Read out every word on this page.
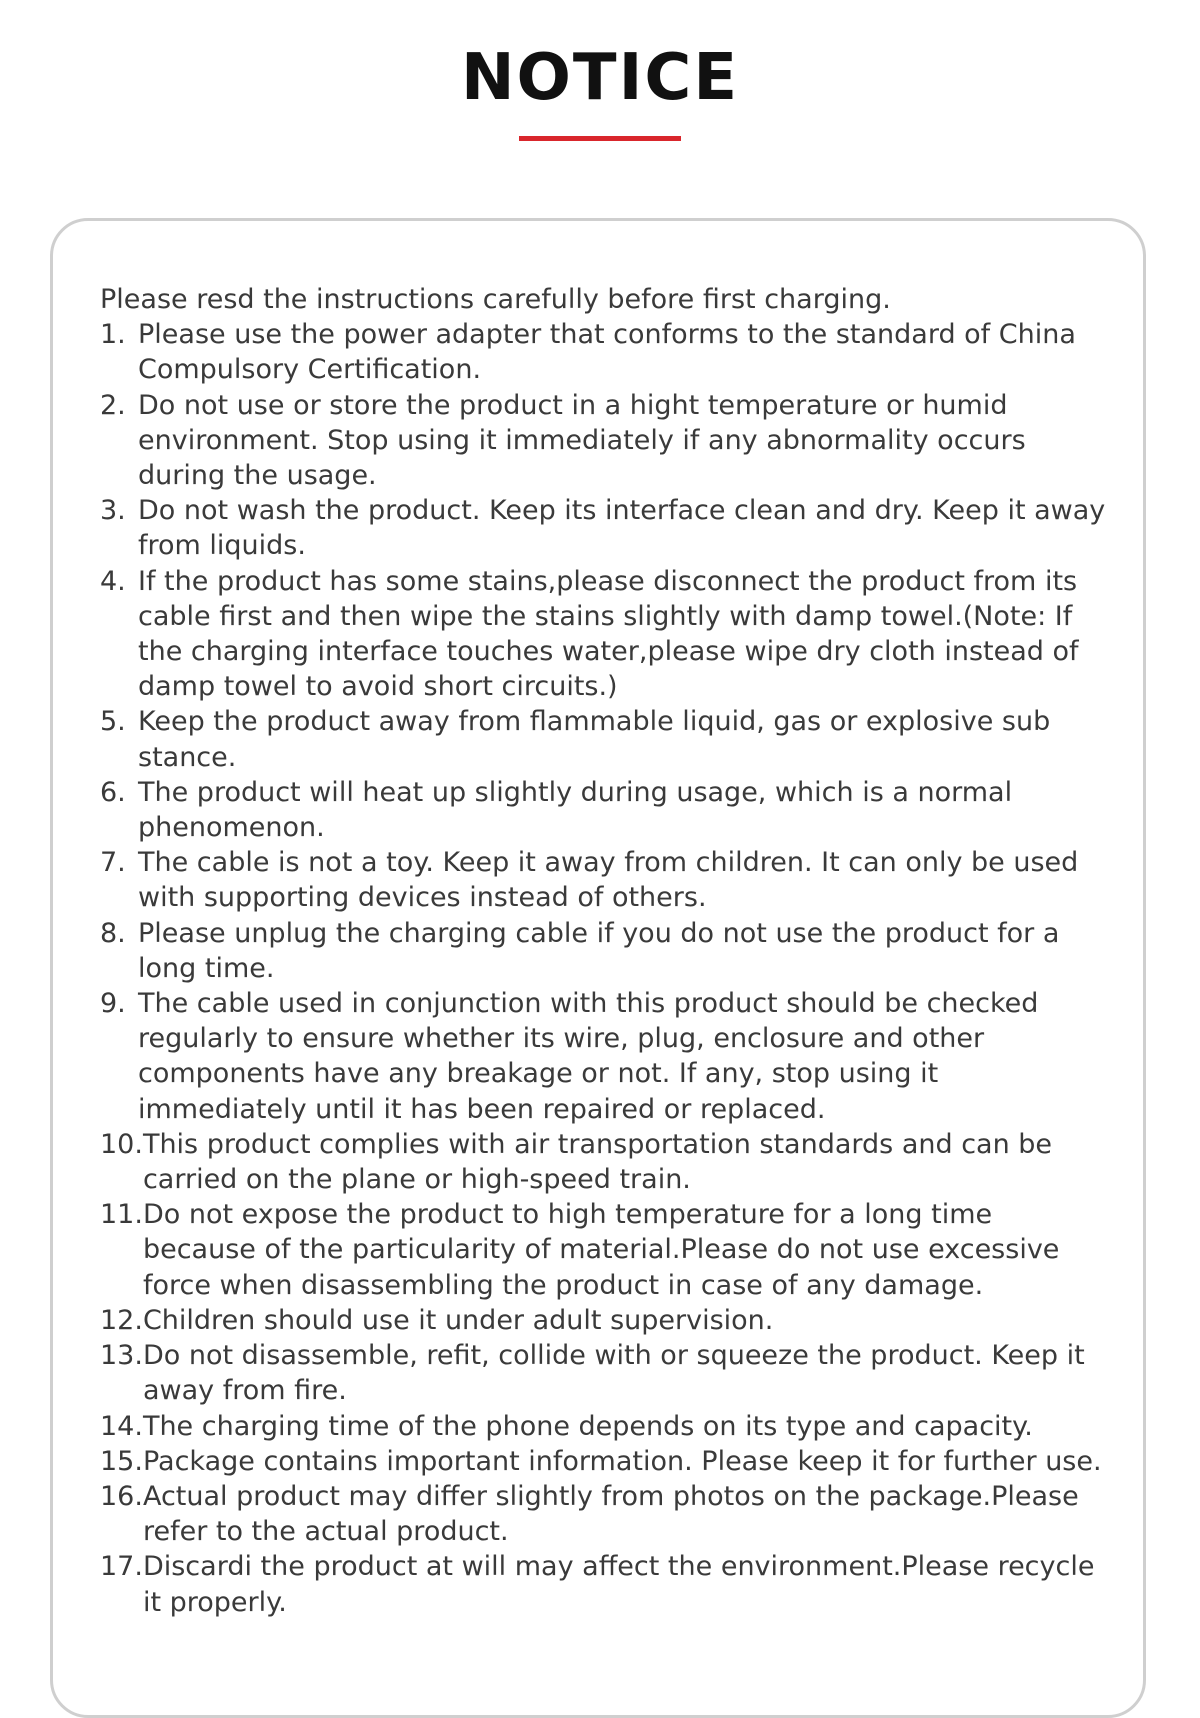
NOTICE

Please resd the instructions carefully before first charging.

1. Please use the power adapter that conforms to the standard of China Compulsory Certification.
2. Do not use or store the product in a hight temperature or humid environment. Stop using it immediately if any abnormality occurs during the usage.
3. Do not wash the product. Keep its interface clean and dry. Keep it away from liquids.
4. If the product has some stains,please disconnect the product from its cable first and then wipe the stains slightly with damp towel.(Note: If the charging interface touches water,please wipe dry cloth instead of damp towel to avoid short circuits.)
5. Keep the product away from flammable liquid, gas or explosive sub stance.
6. The product will heat up slightly during usage, which is a normal phenomenon.
7. The cable is not a toy. Keep it away from children. It can only be used with supporting devices instead of others.
8. Please unplug the charging cable if you do not use the product for a long time.
9. The cable used in conjunction with this product should be checked regularly to ensure whether its wire, plug, enclosure and other components have any breakage or not. If any, stop using it immediately until it has been repaired or replaced.
10. This product complies with air transportation standards and can be carried on the plane or high-speed train.
11. Do not expose the product to high temperature for a long time because of the particularity of material.Please do not use excessive force when disassembling the product in case of any damage.
12. Children should use it under adult supervision.
13. Do not disassemble, refit, collide with or squeeze the product. Keep it away from fire.
14. The charging time of the phone depends on its type and capacity.
15. Package contains important information. Please keep it for further use.
16. Actual product may differ slightly from photos on the package.Please refer to the actual product.
17. Discardi the product at will may affect the environment.Please recycle it properly.
